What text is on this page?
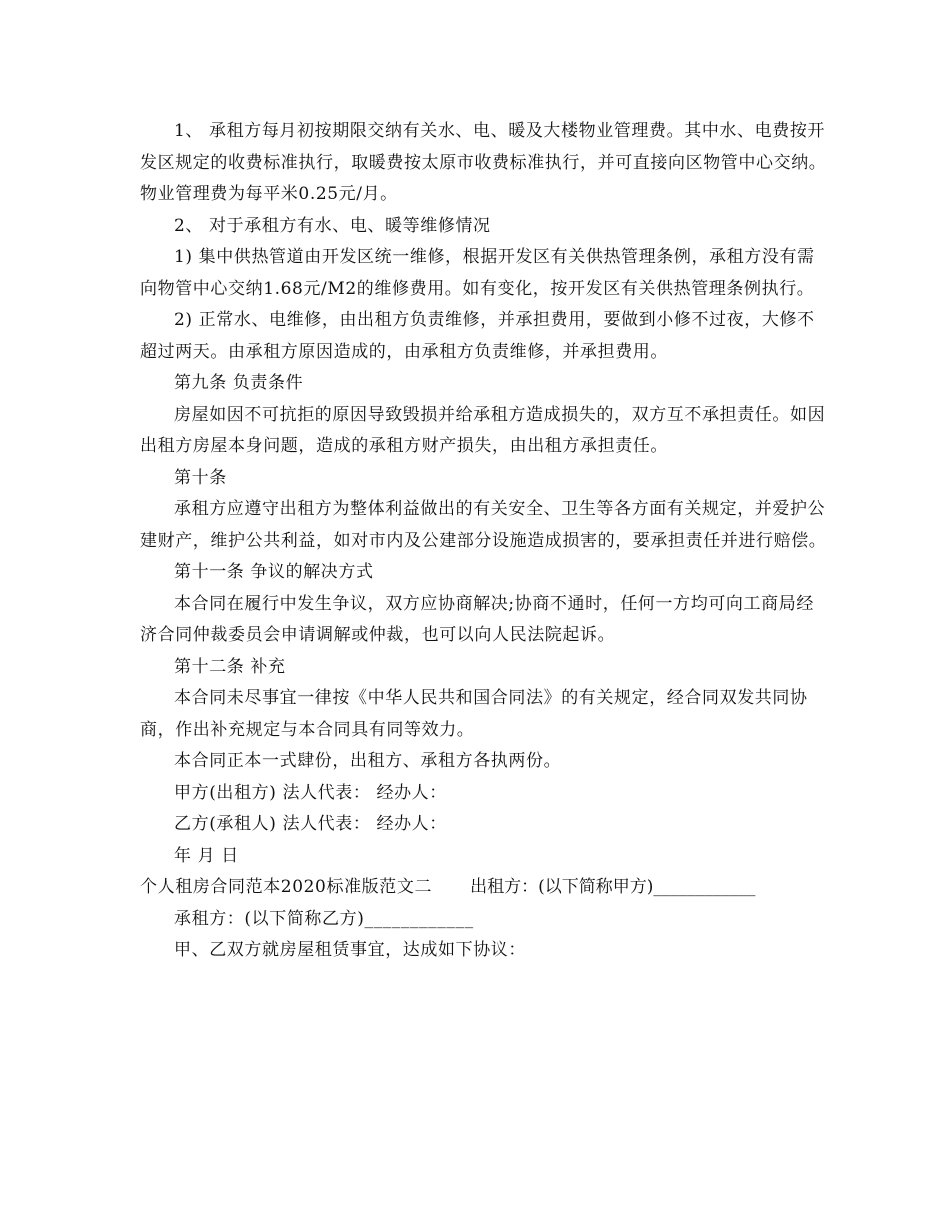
1、 承租方每月初按期限交纳有关水、电、暖及大楼物业管理费。其中水、电费按开发区规定的收费标准执行，取暖费按太原市收费标准执行，并可直接向区物管中心交纳。 物业管理费为每平米0.25元/月。

2、 对于承租方有水、电、暖等维修情况

1) 集中供热管道由开发区统一维修，根据开发区有关供热管理条例，承租方没有需向物管中心交纳1.68元/M2的维修费用。如有变化，按开发区有关供热管理条例执行。

2) 正常水、电维修，由出租方负责维修，并承担费用，要做到小修不过夜，大修不超过两天。由承租方原因造成的，由承租方负责维修，并承担费用。

第九条 负责条件

房屋如因不可抗拒的原因导致毁损并给承租方造成损失的，双方互不承担责任。如因出租方房屋本身问题，造成的承租方财产损失，由出租方承担责任。

第十条

承租方应遵守出租方为整体利益做出的有关安全、卫生等各方面有关规定，并爱护公建财产，维护公共利益，如对市内及公建部分设施造成损害的，要承担责任并进行赔偿。

第十一条 争议的解决方式

本合同在履行中发生争议，双方应协商解决;协商不通时，任何一方均可向工商局经济合同仲裁委员会申请调解或仲裁，也可以向人民法院起诉。

第十二条 补充

本合同未尽事宜一律按《中华人民共和国合同法》的有关规定，经合同双发共同协商，作出补充规定与本合同具有同等效力。

本合同正本一式肆份，出租方、承租方各执两份。

甲方(出租方) 法人代表： 经办人：

乙方(承租人) 法人代表： 经办人：

年 月 日

个人租房合同范本2020标准版范文二 出租方：(以下简称甲方)____________

承租方：(以下简称乙方)____________

甲、乙双方就房屋租赁事宜，达成如下协议：
